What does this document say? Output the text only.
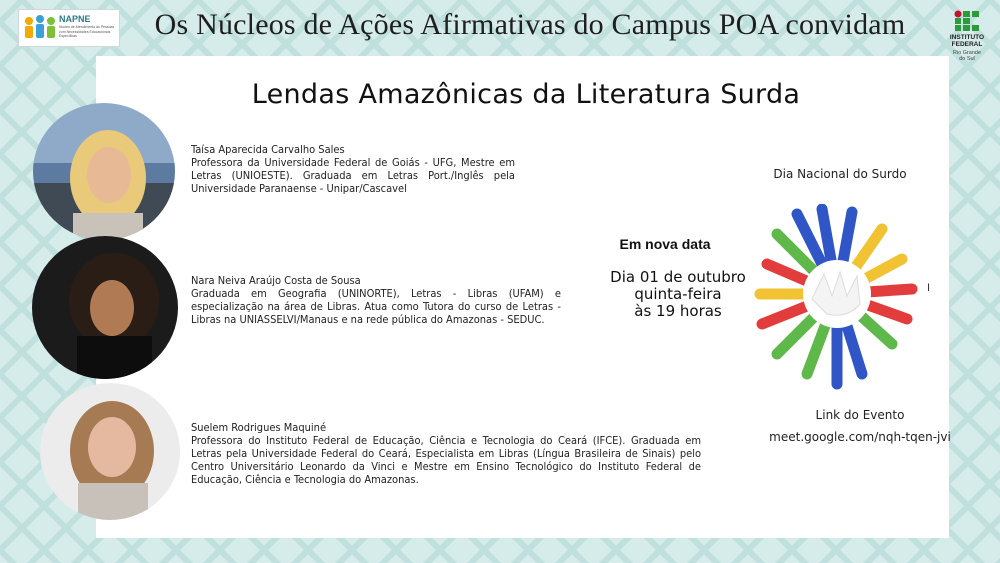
NAPNE
Núcleo de Atendimento às Pessoas com Necessidades Educacionais Específicas	Os Núcleos de Ações Afirmativas do Campus POA convidam	INSTITUTO
FEDERAL
Rio Grande
do Sul
Lendas Amazônicas da Literatura Surda
Taísa Aparecida Carvalho Sales
Professora da Universidade Federal de Goiás - UFG, Mestre em Letras (UNIOESTE). Graduada em Letras Port./Inglês pela Universidade Paranaense - Unipar/Cascavel
Nara Neiva Araújo Costa de Sousa
Graduada em Geografia (UNINORTE), Letras - Libras (UFAM) e especialização na área de Libras. Atua como Tutora do curso de Letras - Libras na UNIASSELVI/Manaus e na rede pública do Amazonas - SEDUC.
Suelem Rodrigues Maquiné
Professora do Instituto Federal de Educação, Ciência e Tecnologia do Ceará (IFCE). Graduada em Letras pela Universidade Federal do Ceará, Especialista em Libras (Língua Brasileira de Sinais) pelo Centro Universitário Leonardo da Vinci e Mestre em Ensino Tecnológico do Instituto Federal de Educação, Ciência e Tecnologia do Amazonas.
Em nova data
Dia 01 de outubro
quinta-feira
às 19 horas
Dia Nacional do Surdo
I
Link do Evento
meet.google.com/nqh-tqen-jvi
